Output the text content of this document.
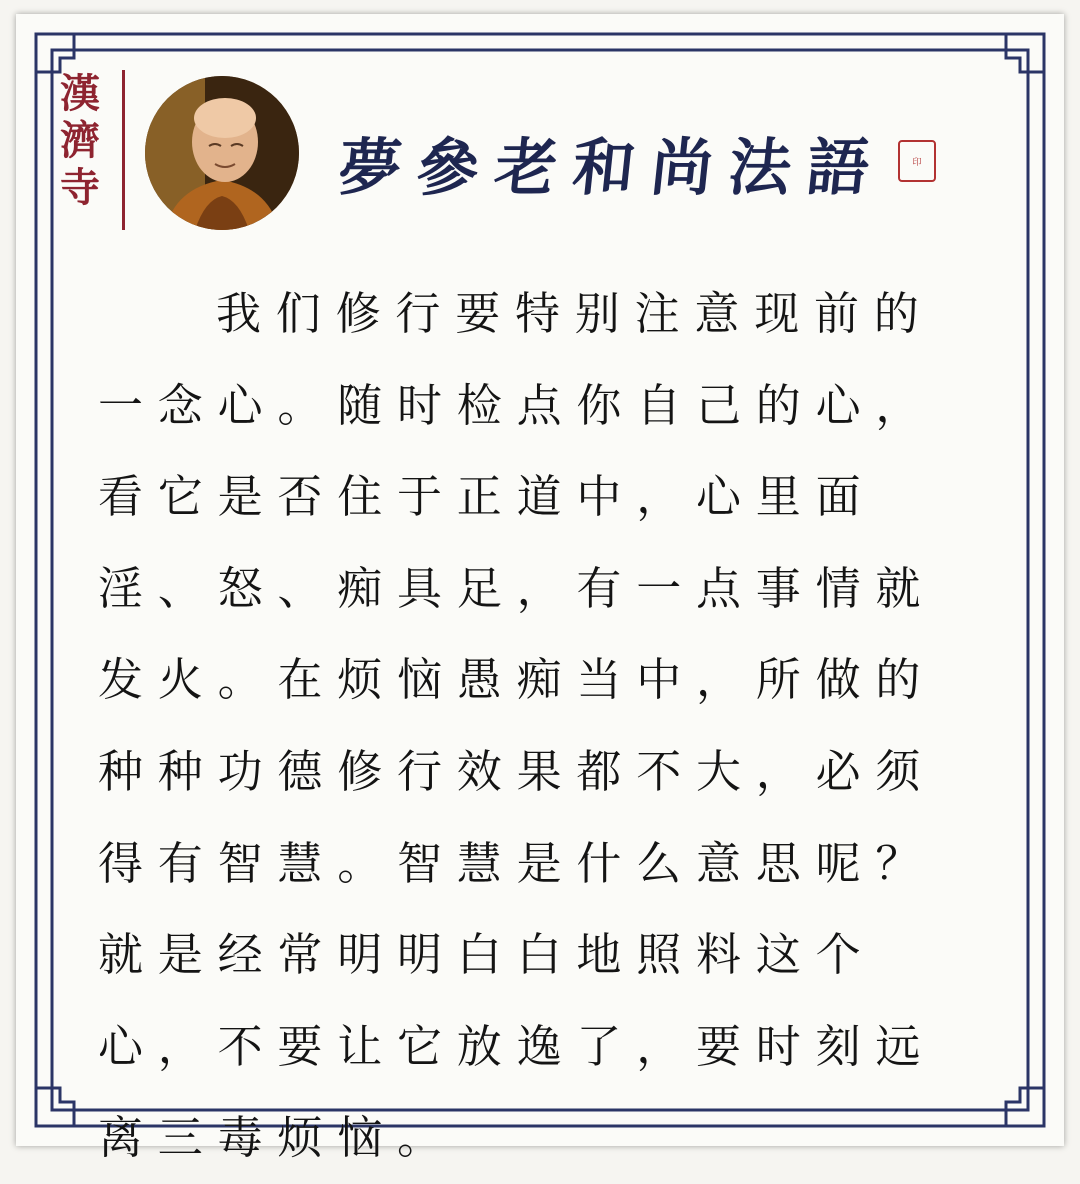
漢
濟
寺	夢參老和尚法語	印
我们修行要特别注意现前的一念心。随时检点你自己的心，看它是否住于正道中，心里面淫、怒、痴具足，有一点事情就发火。在烦恼愚痴当中，所做的种种功德修行效果都不大，必须得有智慧。智慧是什么意思呢？就是经常明明白白地照料这个心，不要让它放逸了，要时刻远离三毒烦恼。
